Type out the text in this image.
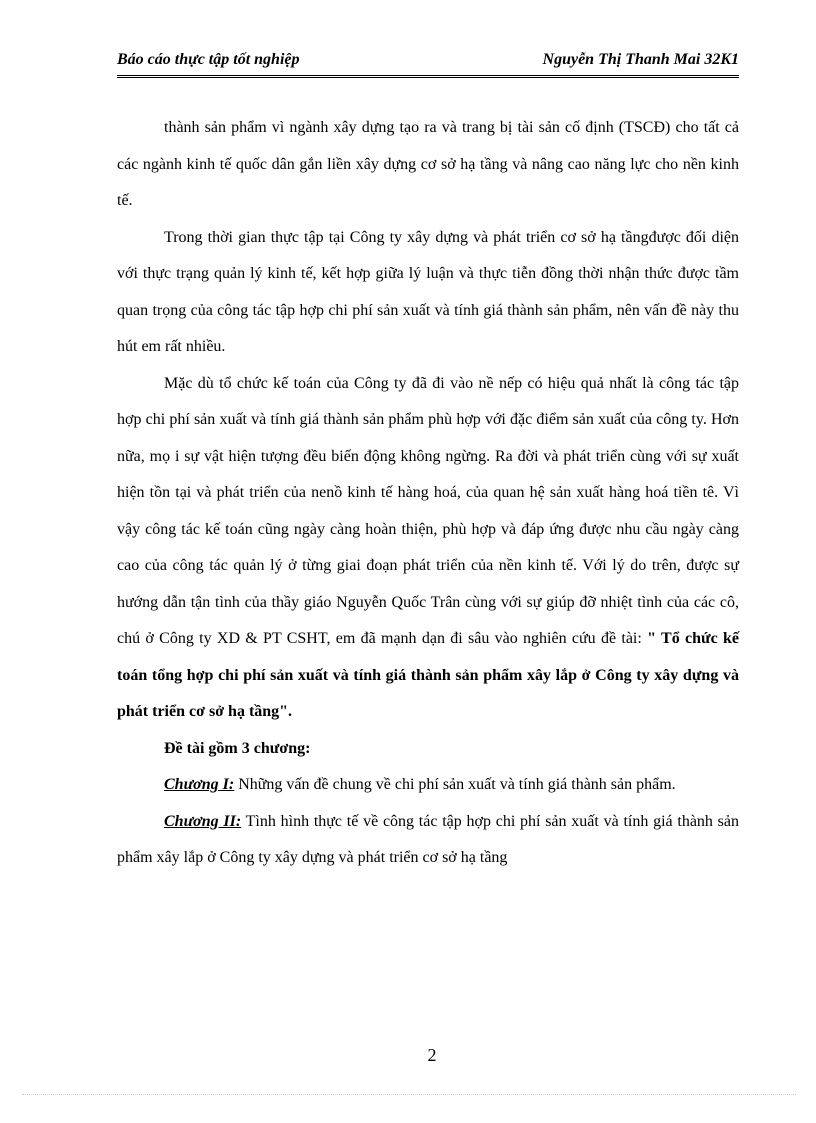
Báo cáo thực tập tốt nghiệp	Nguyễn Thị Thanh Mai 32K1

thành sản phẩm vì ngành xây dựng tạo ra và trang bị tài sản cố định (TSCĐ) cho tất cả các ngành kinh tế quốc dân gắn liền xây dựng cơ sở hạ tầng và nâng cao năng lực cho nền kinh tế.

Trong thời gian thực tập tại Công ty xây dựng và phát triển cơ sở hạ tầngđược đối diện với thực trạng quản lý kinh tế, kết hợp giữa lý luận và thực tiễn đồng thời nhận thức được tầm quan trọng của công tác tập hợp chi phí sản xuất và tính giá thành sản phẩm, nên vấn đề này thu hút em rất nhiều.

Mặc dù tổ chức kế toán của Công ty đã đi vào nề nếp có hiệu quả nhất là công tác tập hợp chi phí sản xuất và tính giá thành sản phẩm phù hợp với đặc điểm sản xuất của công ty. Hơn nữa, mọ i sự vật hiện tượng đều biến động không ngừng. Ra đời và phát triển cùng với sự xuất hiện tồn tại và phát triển của nenồ kinh tế hàng hoá, của quan hệ sản xuất hàng hoá tiền tê. Vì vậy công tác kế toán cũng ngày càng hoàn thiện, phù hợp và đáp ứng được nhu cầu ngày càng cao của công tác quản lý ở từng giai đoạn phát triển của nền kinh tế. Với lý do trên, được sự hướng dẫn tận tình của thầy giáo Nguyễn Quốc Trân cùng với sự giúp đỡ nhiệt tình của các cô, chú ở Công ty XD & PT CSHT, em đã mạnh dạn đi sâu vào nghiên cứu đề tài: " Tổ chức kế toán tổng hợp chi phí sản xuất và tính giá thành sản phẩm xây lắp ở Công ty xây dựng và phát triển cơ sở hạ tầng".

Đề tài gồm 3 chương:

Chương I: Những vấn đề chung về chi phí sản xuất và tính giá thành sản phẩm.

Chương II: Tình hình thực tế về công tác tập hợp chi phí sản xuất và tính giá thành sản phẩm xây lắp ở Công ty xây dựng và phát triển cơ sở hạ tầng

2
